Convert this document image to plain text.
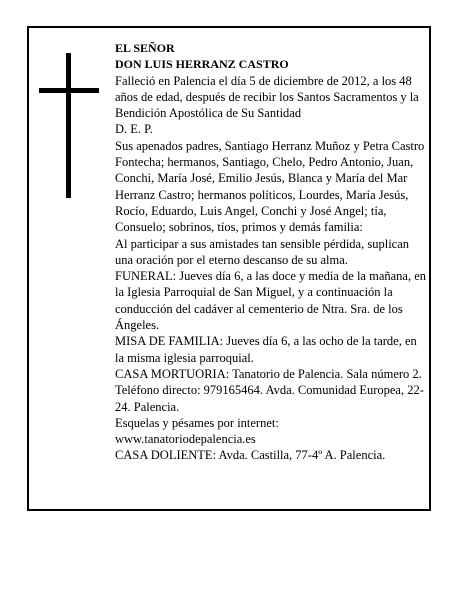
EL SEÑOR

DON LUIS HERRANZ CASTRO

Falleció en Palencia el día 5 de diciembre de 2012, a los 48 años de edad, después de recibir los Santos Sacramentos y la Bendición Apostólica de Su Santidad

D. E. P.

Sus apenados padres, Santiago Herranz Muñoz y Petra Castro Fontecha; hermanos, Santiago, Chelo, Pedro Antonio, Juan, Conchi, María José, Emilio Jesús, Blanca y María del Mar Herranz Castro; hermanos políticos, Lourdes, María Jesús, Rocío, Eduardo, Luis Angel, Conchi y José Angel; tía, Consuelo; sobrinos, tíos, primos y demás familia:

Al participar a sus amistades tan sensible pérdida, suplican una oración por el eterno descanso de su alma.

FUNERAL: Jueves día 6, a las doce y media de la mañana, en la Iglesia Parroquial de San Miguel, y a continuación la conducción del cadáver al cementerio de Ntra. Sra. de los Ángeles.

MISA DE FAMILIA: Jueves día 6, a las ocho de la tarde, en la misma iglesia parroquial.

CASA MORTUORIA: Tanatorio de Palencia. Sala número 2. Teléfono directo: 979165464. Avda. Comunidad Europea, 22-24. Palencia.

Esquelas y pésames por internet:

www.tanatoriodepalencia.es

CASA DOLIENTE: Avda. Castilla, 77-4º A. Palencia.
